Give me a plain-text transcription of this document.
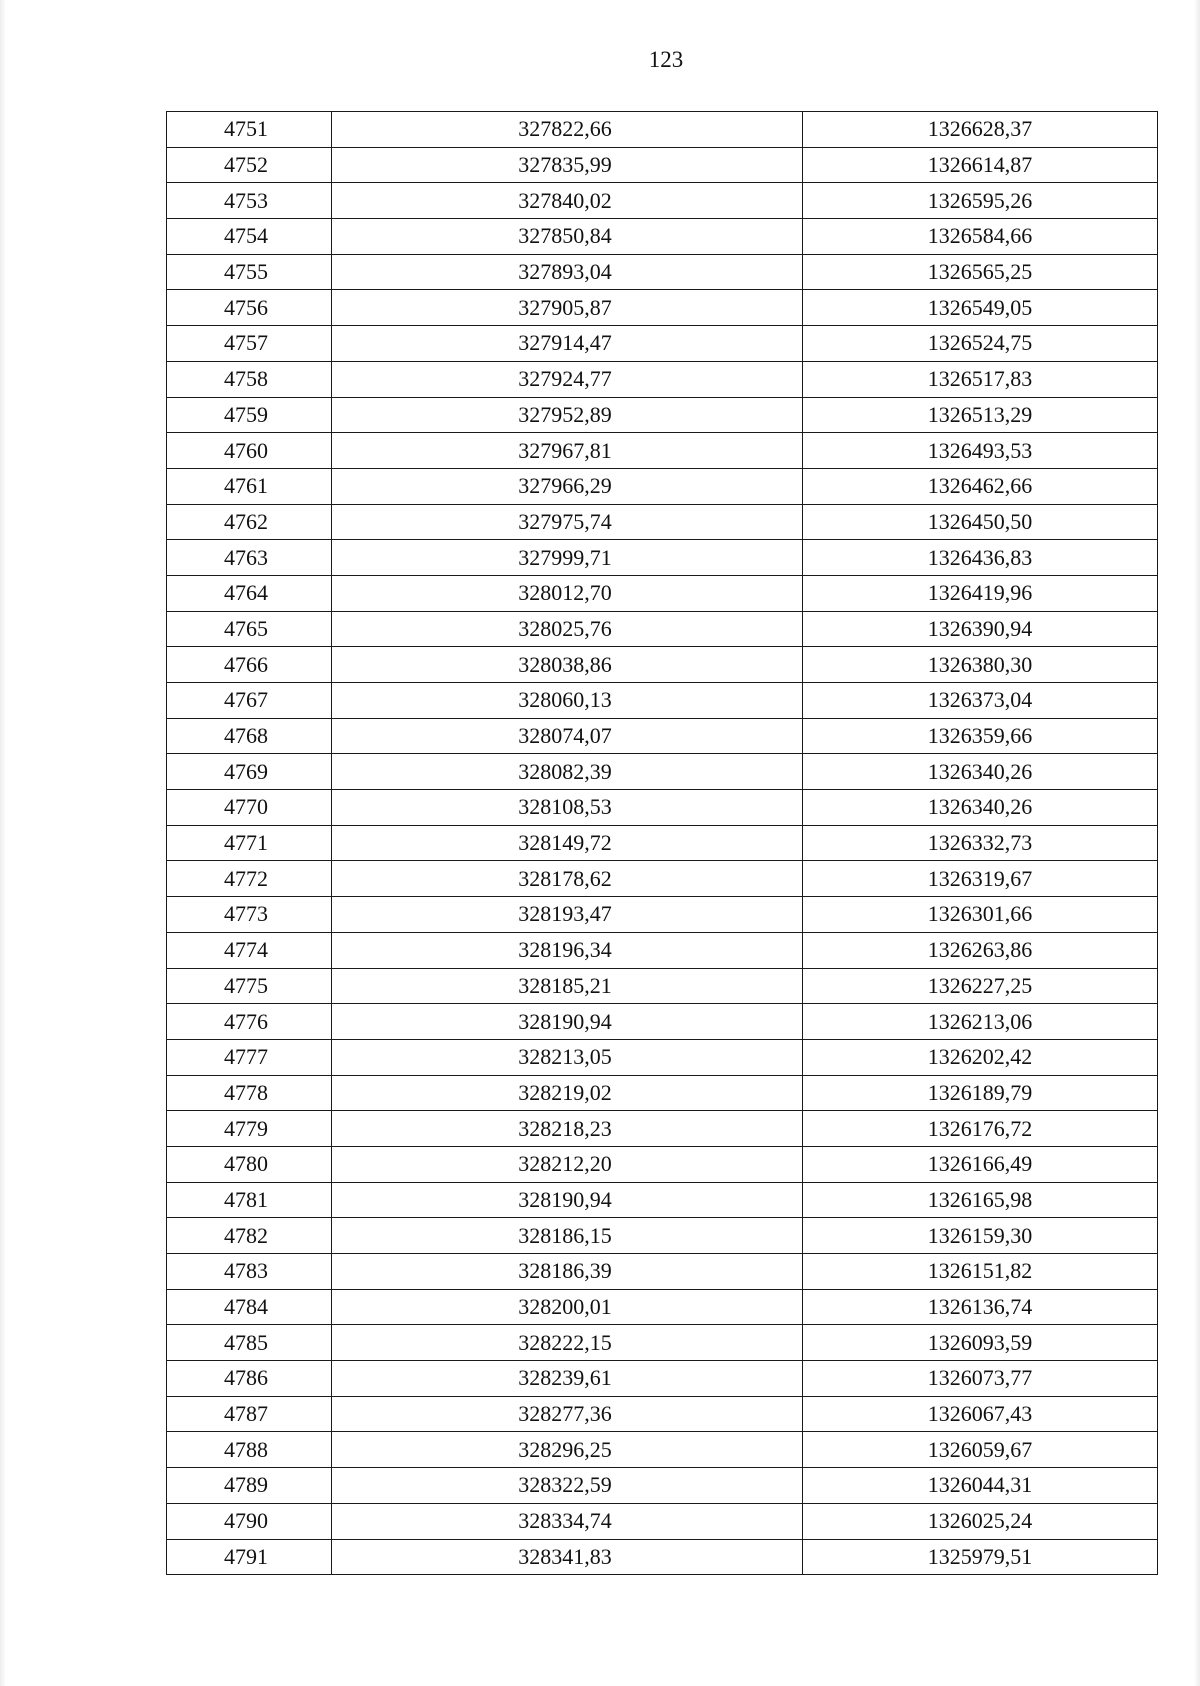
123
4751	327822,66	1326628,37
4752	327835,99	1326614,87
4753	327840,02	1326595,26
4754	327850,84	1326584,66
4755	327893,04	1326565,25
4756	327905,87	1326549,05
4757	327914,47	1326524,75
4758	327924,77	1326517,83
4759	327952,89	1326513,29
4760	327967,81	1326493,53
4761	327966,29	1326462,66
4762	327975,74	1326450,50
4763	327999,71	1326436,83
4764	328012,70	1326419,96
4765	328025,76	1326390,94
4766	328038,86	1326380,30
4767	328060,13	1326373,04
4768	328074,07	1326359,66
4769	328082,39	1326340,26
4770	328108,53	1326340,26
4771	328149,72	1326332,73
4772	328178,62	1326319,67
4773	328193,47	1326301,66
4774	328196,34	1326263,86
4775	328185,21	1326227,25
4776	328190,94	1326213,06
4777	328213,05	1326202,42
4778	328219,02	1326189,79
4779	328218,23	1326176,72
4780	328212,20	1326166,49
4781	328190,94	1326165,98
4782	328186,15	1326159,30
4783	328186,39	1326151,82
4784	328200,01	1326136,74
4785	328222,15	1326093,59
4786	328239,61	1326073,77
4787	328277,36	1326067,43
4788	328296,25	1326059,67
4789	328322,59	1326044,31
4790	328334,74	1326025,24
4791	328341,83	1325979,51
